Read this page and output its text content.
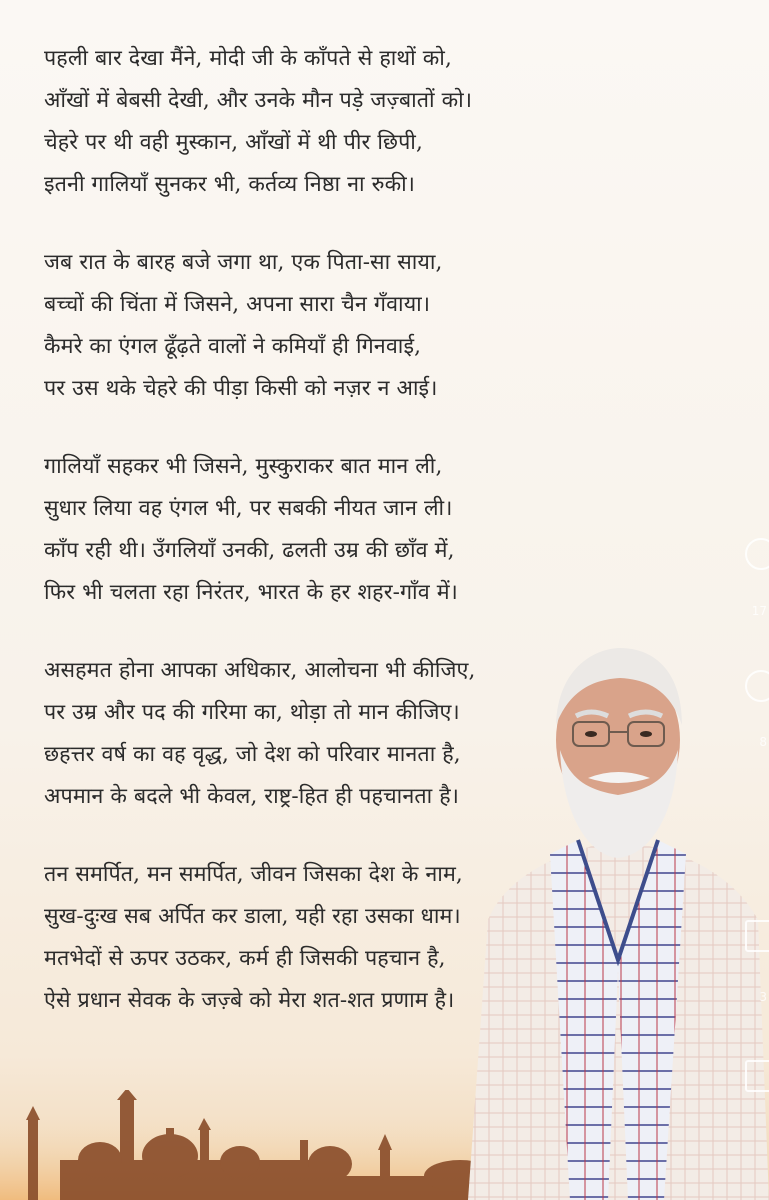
पहली बार देखा मैंने, मोदी जी के काँपते से हाथों को,
आँखों में बेबसी देखी, और उनके मौन पड़े जज़्बातों को।
चेहरे पर थी वही मुस्कान, आँखों में थी पीर छिपी,
इतनी गालियाँ सुनकर भी, कर्तव्य निष्ठा ना रुकी।
जब रात के बारह बजे जगा था, एक पिता-सा साया,
बच्चों की चिंता में जिसने, अपना सारा चैन गँवाया।
कैमरे का एंगल ढूँढ़ते वालों ने कमियाँ ही गिनवाई,
पर उस थके चेहरे की पीड़ा किसी को नज़र न आई।
गालियाँ सहकर भी जिसने, मुस्कुराकर बात मान ली,
सुधार लिया वह एंगल भी, पर सबकी नीयत जान ली।
काँप रही थी। उँगलियाँ उनकी, ढलती उम्र की छाँव में,
फिर भी चलता रहा निरंतर, भारत के हर शहर-गाँव में।
असहमत होना आपका अधिकार, आलोचना भी कीजिए,
पर उम्र और पद की गरिमा का, थोड़ा तो मान कीजिए।
छहत्तर वर्ष का वह वृद्ध, जो देश को परिवार मानता है,
अपमान के बदले भी केवल, राष्ट्र-हित ही पहचानता है।
तन समर्पित, मन समर्पित, जीवन जिसका देश के नाम,
सुख-दुःख सब अर्पित कर डाला, यही रहा उसका धाम।
मतभेदों से ऊपर उठकर, कर्म ही जिसकी पहचान है,
ऐसे प्रधान सेवक के जज़्बे को मेरा शत-शत प्रणाम है।
17
8
3
